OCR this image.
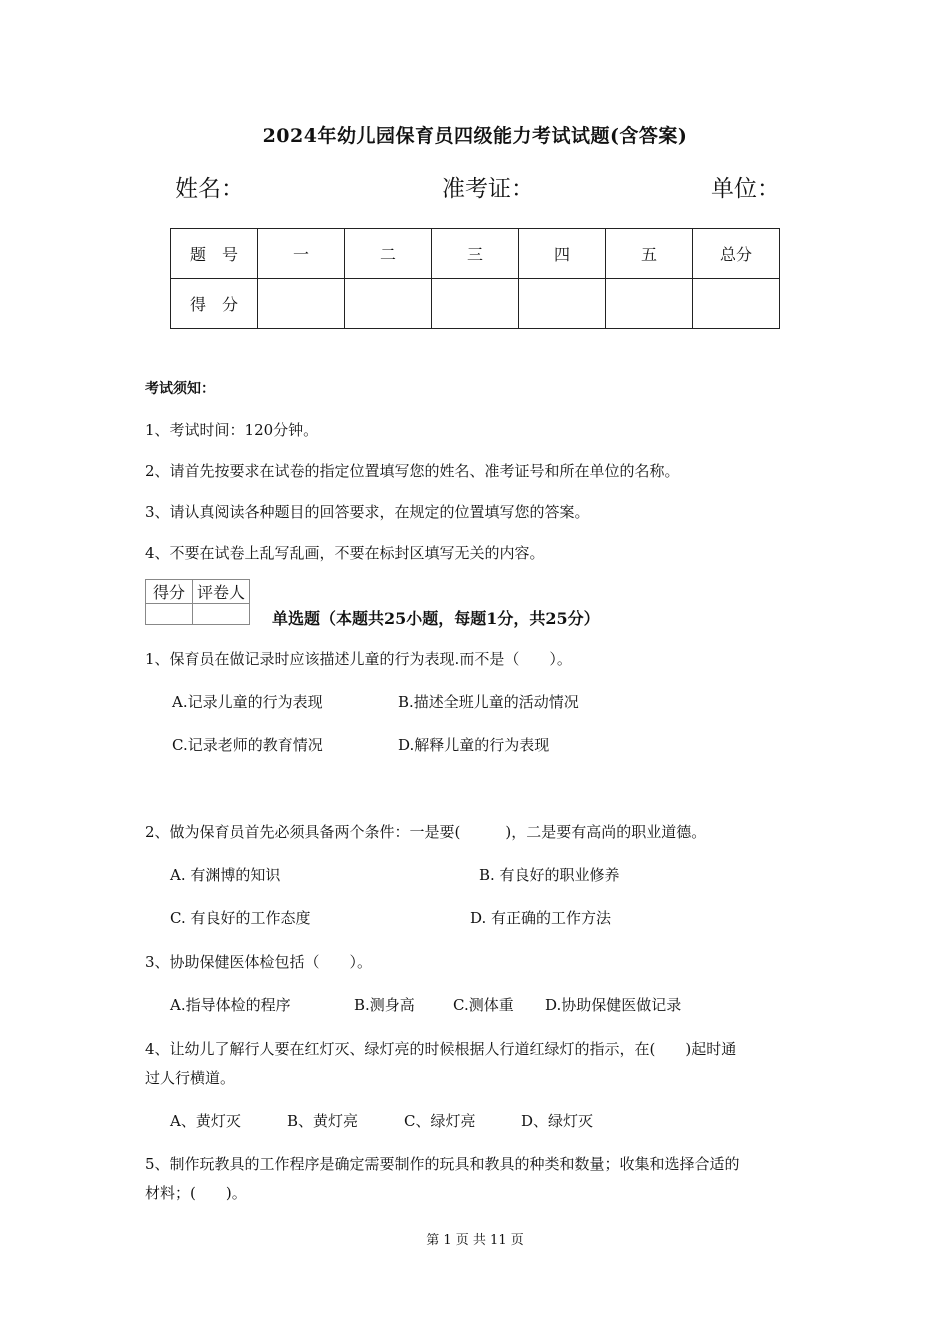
2024年幼儿园保育员四级能力考试试题(含答案)
姓名：	准考证：	单位：
题　号	一	二	三	四	五	总分
得　分						
考试须知：
1、考试时间：120分钟。
2、请首先按要求在试卷的指定位置填写您的姓名、准考证号和所在单位的名称。
3、请认真阅读各种题目的回答要求，在规定的位置填写您的答案。
4、不要在试卷上乱写乱画，不要在标封区填写无关的内容。
得分	评卷人

单选题（本题共25小题，每题1分，共25分）
1、保育员在做记录时应该描述儿童的行为表现.而不是（　　）。
A.记录儿童的行为表现	B.描述全班儿童的活动情况
C.记录老师的教育情况	D.解释儿童的行为表现
2、做为保育员首先必须具备两个条件：一是要(　　　)，二是要有高尚的职业道德。
A. 有渊博的知识	B. 有良好的职业修养
C. 有良好的工作态度	D. 有正确的工作方法
3、协助保健医体检包括（　　）。
A.指导体检的程序	B.测身高	C.测体重 D.协助保健医做记录
4、让幼儿了解行人要在红灯灭、绿灯亮的时候根据人行道红绿灯的指示，在(　　)起时通
过人行横道。
A、黄灯灭	B、黄灯亮	C、绿灯亮	D、绿灯灭
5、制作玩教具的工作程序是确定需要制作的玩具和教具的种类和数量；收集和选择合适的
材料；(　　)。
第 1 页 共 11 页
